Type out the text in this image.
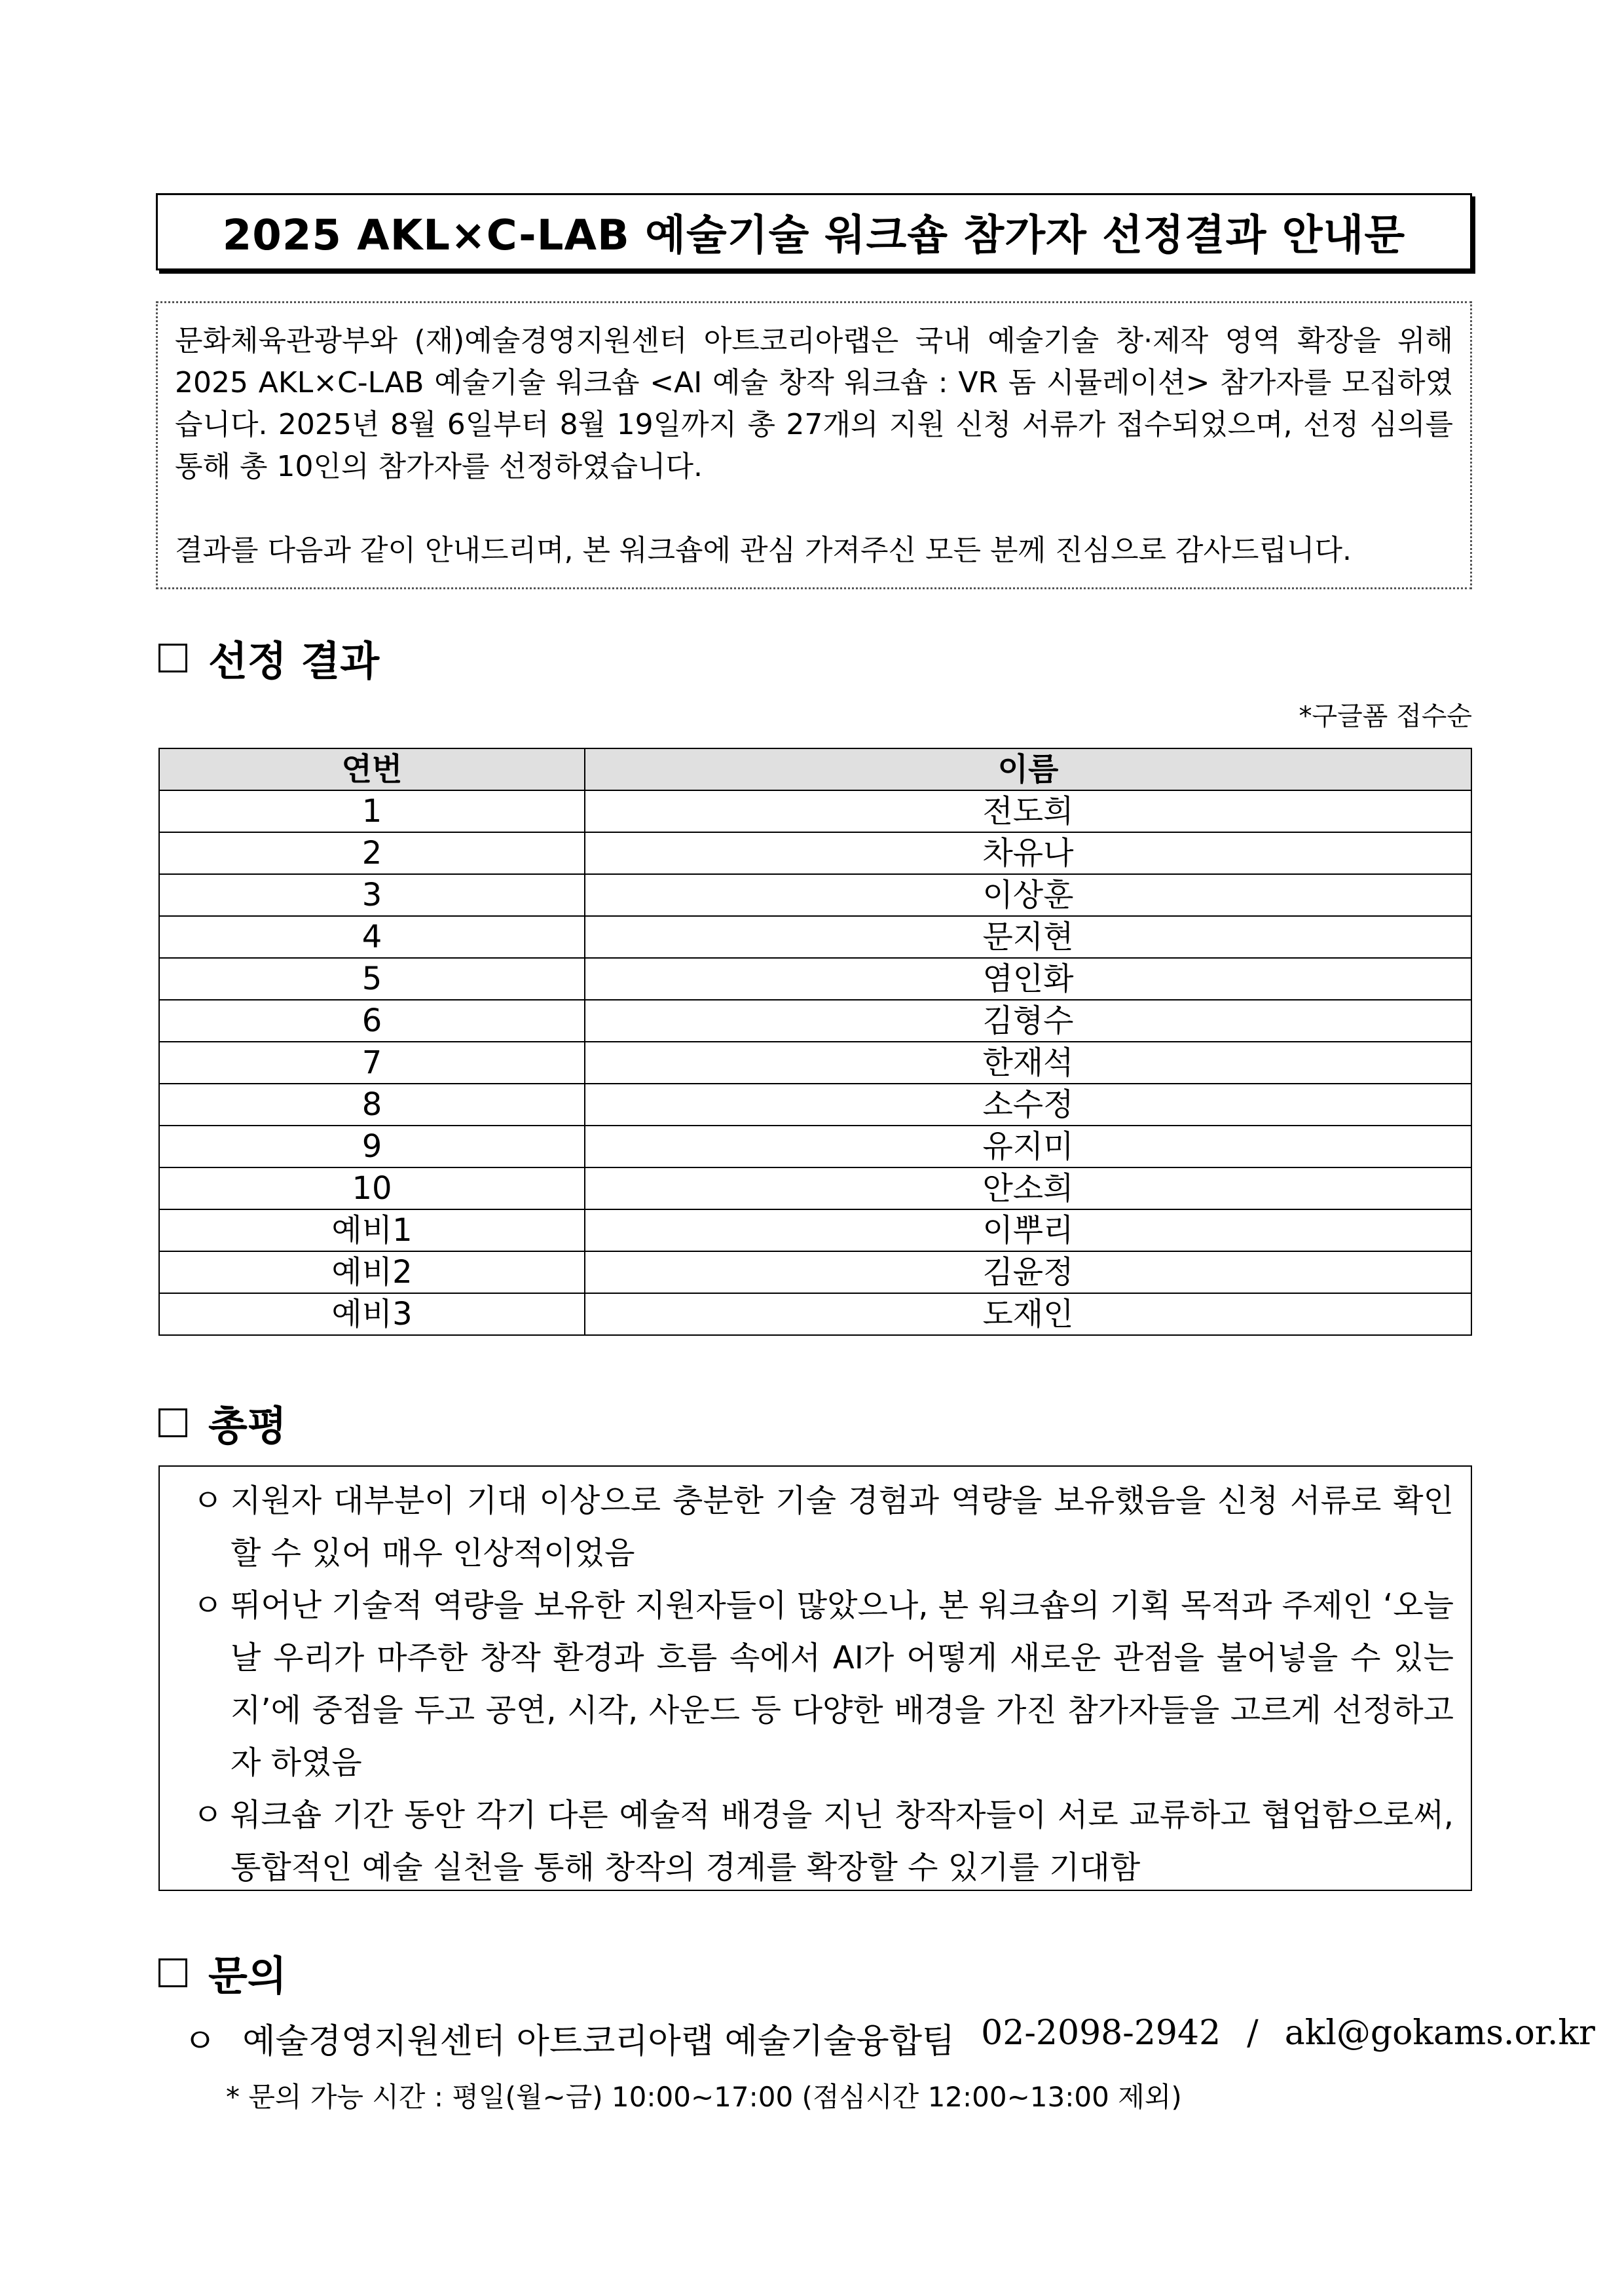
2025 AKL×C-LAB 예술기술 워크숍 참가자 선정결과 안내문

문화체육관광부와 (재)예술경영지원센터 아트코리아랩은 국내 예술기술 창·제작 영역 확장을 위해 2025 AKL×C-LAB 예술기술 워크숍 <AI 예술 창작 워크숍 : VR 돔 시뮬레이션> 참가자를 모집하였습니다. 2025년 8월 6일부터 8월 19일까지 총 27개의 지원 신청 서류가 접수되었으며, 선정 심의를 통해 총 10인의 참가자를 선정하였습니다.

결과를 다음과 같이 안내드리며, 본 워크숍에 관심 가져주신 모든 분께 진심으로 감사드립니다.

선정 결과
*구글폼 접수순
연번	이름
1	전도희
2	차유나
3	이상훈
4	문지현
5	염인화
6	김형수
7	한재석
8	소수정
9	유지미
10	안소희
예비1	이뿌리
예비2	김윤정
예비3	도재인
총평
ㅇ 지원자 대부분이 기대 이상으로 충분한 기술 경험과 역량을 보유했음을 신청 서류로 확인할 수 있어 매우 인상적이었음
ㅇ 뛰어난 기술적 역량을 보유한 지원자들이 많았으나, 본 워크숍의 기획 목적과 주제인 ‘오늘날 우리가 마주한 창작 환경과 흐름 속에서 AI가 어떻게 새로운 관점을 불어넣을 수 있는지’에 중점을 두고 공연, 시각, 사운드 등 다양한 배경을 가진 참가자들을 고르게 선정하고자 하였음
ㅇ 워크숍 기간 동안 각기 다른 예술적 배경을 지닌 창작자들이 서로 교류하고 협업함으로써, 통합적인 예술 실천을 통해 창작의 경계를 확장할 수 있기를 기대함
문의
ㅇ 예술경영지원센터 아트코리아랩 예술기술융합팀 02-2098-2942 / akl@gokams.or.kr
* 문의 가능 시간 : 평일(월~금) 10:00~17:00 (점심시간 12:00~13:00 제외)
